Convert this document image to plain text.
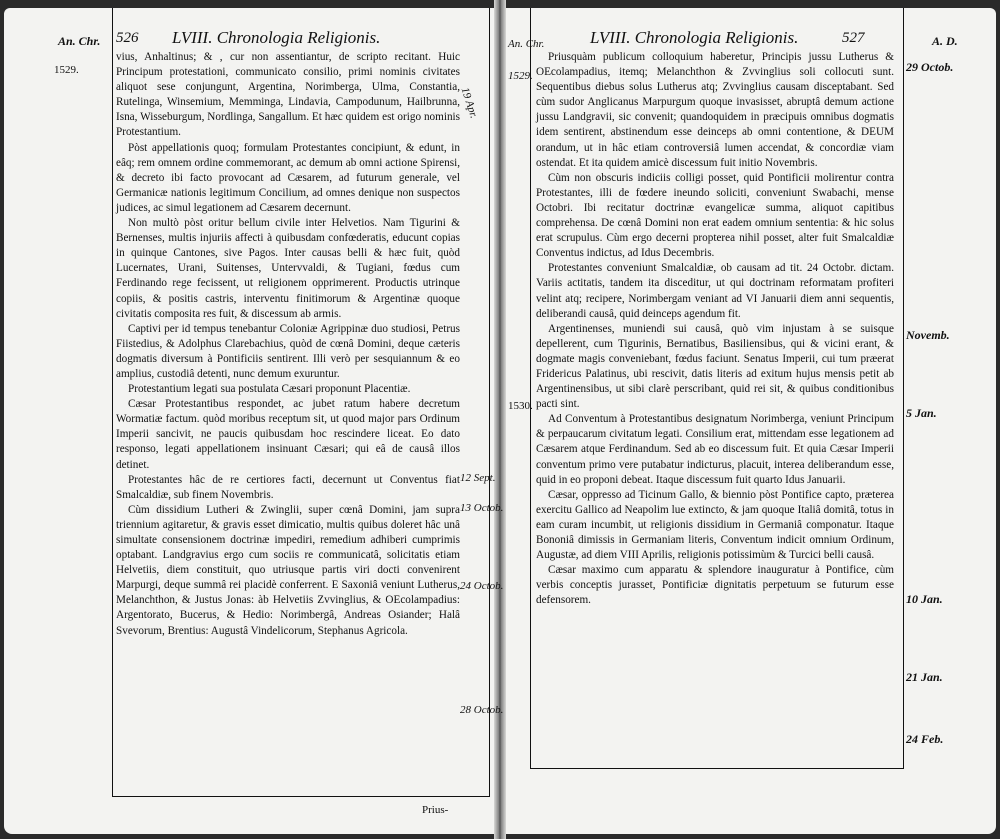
An. Chr. 526 LVIII. Chronologia Religionis.
1529.
19 Apr.
12 Sept.
13 Octob.
24 Octob.
28 Octob.

vius, Anhaltinus; & , cur non assentiantur, de scripto recitant. Huic Principum protestationi, communicato consilio, primi nominis civitates aliquot sese conjungunt, Argentina, Norimberga, Ulma, Constantia, Rutelinga, Winsemium, Memminga, Lindavia, Campodunum, Hailbrunna, Isna, Wisseburgum, Nordlinga, Sangallum. Et hæc quidem est origo nominis Protestantium.

Pòst appellationis quoq; formulam Protestantes concipiunt, & edunt, in eâq; rem omnem ordine commemorant, ac demum ab omni actione Spirensi, & decreto ibi facto provocant ad Cæsarem, ad futurum generale, vel Germanicæ nationis legitimum Concilium, ad omnes denique non suspectos judices, ac simul legationem ad Cæsarem decernunt.

Non multò pòst oritur bellum civile inter Helvetios. Nam Tigurini & Bernenses, multis injuriis affecti à quibusdam confœderatis, educunt copias in quinque Cantones, sive Pagos. Inter causas belli & hæc fuit, quòd Lucernates, Urani, Suitenses, Untervvaldi, & Tugiani, fœdus cum Ferdinando rege fecissent, ut religionem opprimerent. Productis utrinque copiis, & positis castris, interventu finitimorum & Argentinæ quoque civitatis composita res fuit, & discessum ab armis.

Captivi per id tempus tenebantur Coloniæ Agrippinæ duo studiosi, Petrus Fiistedius, & Adolphus Clarebachius, quòd de cœnâ Domini, deque cæteris dogmatis diversum à Pontificiis sentirent. Illi verò per sesquiannum & eo amplius, custodiâ detenti, nunc demum exuruntur.

Protestantium legati sua postulata Cæsari proponunt Placentiæ.

Cæsar Protestantibus respondet, ac jubet ratum habere decretum Wormatiæ factum. quòd moribus receptum sit, ut quod major pars Ordinum Imperii sancivit, ne paucis quibusdam hoc rescindere liceat. Eo dato responso, legati appellationem insinuant Cæsari; qui eâ de causâ illos detinet.

Protestantes hâc de re certiores facti, decernunt ut Conventus fiat Smalcaldiæ, sub finem Novembris.

Cùm dissidium Lutheri & Zwinglii, super cœnâ Domini, jam supra triennium agitaretur, & gravis esset dimicatio, multis quibus doleret hâc unâ simultate consensionem doctrinæ impediri, remedium adhiberi cumprimis optabant. Landgravius ergo cum sociis re communicatâ, solicitatis etiam Helvetiis, diem constituit, quo utriusque partis viri docti convenirent Marpurgi, deque summâ rei placidè conferrent. E Saxoniâ veniunt Lutherus, Melanchthon, & Justus Jonas: àb Helvetiis Zvvinglius, & OEcolampadius: Argentorato, Bucerus, & Hedio: Norimbergâ, Andreas Osiander; Halâ Svevorum, Brentius: Augustâ Vindelicorum, Stephanus Agricola.

Prius-
An. Chr.
1529.
LVIII. Chronologia Religionis.	527	A. D.
1530.
29 Octob.
Novemb.
5 Jan.
10 Jan.
21 Jan.
24 Feb.

Priusquàm publicum colloquium haberetur, Principis jussu Lutherus & OEcolampadius, itemq; Melanchthon & Zvvinglius soli collocuti sunt. Sequentibus diebus solus Lutherus atq; Zvvinglius causam disceptabant. Sed cùm sudor Anglicanus Marpurgum quoque invasisset, abruptâ demum actione jussu Landgravii, sic convenit; quandoquidem in præcipuis omnibus dogmatis idem sentirent, abstinendum esse deinceps ab omni contentione, & DEUM orandum, ut in hâc etiam controversiâ lumen accendat, & concordiæ viam ostendat. Et ita quidem amicè discessum fuit initio Novembris.

Cùm non obscuris indiciis colligi posset, quid Pontificii molirentur contra Protestantes, illi de fœdere ineundo soliciti, conveniunt Swabachi, mense Octobri. Ibi recitatur doctrinæ evangelicæ summa, aliquot capitibus comprehensa. De cœnâ Domini non erat eadem omnium sententia: & hic solus erat scrupulus. Cùm ergo decerni propterea nihil posset, alter fuit Smalcaldiæ Conventus indictus, ad Idus Decembris.

Protestantes conveniunt Smalcaldiæ, ob causam ad tit. 24 Octobr. dictam. Variis actitatis, tandem ita disceditur, ut qui doctrinam reformatam profiteri velint atq; recipere, Norimbergam veniant ad VI Januarii diem anni sequentis, deliberandi causâ, quid deinceps agendum fit.

Argentinenses, muniendi sui causâ, quò vim injustam à se suisque depellerent, cum Tigurinis, Bernatibus, Basiliensibus, qui & vicini erant, & dogmate magis conveniebant, fœdus faciunt. Senatus Imperii, cui tum præerat Fridericus Palatinus, ubi rescivit, datis literis ad exitum hujus mensis petit ab Argentinensibus, ut sibi clarè perscribant, quid rei sit, & quibus conditionibus pacti sint.

Ad Conventum à Protestantibus designatum Norimberga, veniunt Principum & perpaucarum civitatum legati. Consilium erat, mittendam esse legationem ad Cæsarem atque Ferdinandum. Sed ab eo discessum fuit. Et quia Cæsar Imperii conventum primo vere putabatur indicturus, placuit, interea deliberandum esse, quid in eo proponi debeat. Itaque discessum fuit quarto Idus Januarii.

Cæsar, oppresso ad Ticinum Gallo, & biennio pòst Pontifice capto, præterea exercitu Gallico ad Neapolim lue extincto, & jam quoque Italiâ domitâ, totus in eam curam incumbit, ut religionis dissidium in Germaniâ componatur. Itaque Bononiâ dimissis in Germaniam literis, Conventum indicit omnium Ordinum, Augustæ, ad diem VIII Aprilis, religionis potissimùm & Turcici belli causâ.

Cæsar maximo cum apparatu & splendore inauguratur à Pontifice, cùm verbis conceptis jurasset, Pontificiæ dignitatis perpetuum se futurum esse defensorem.
